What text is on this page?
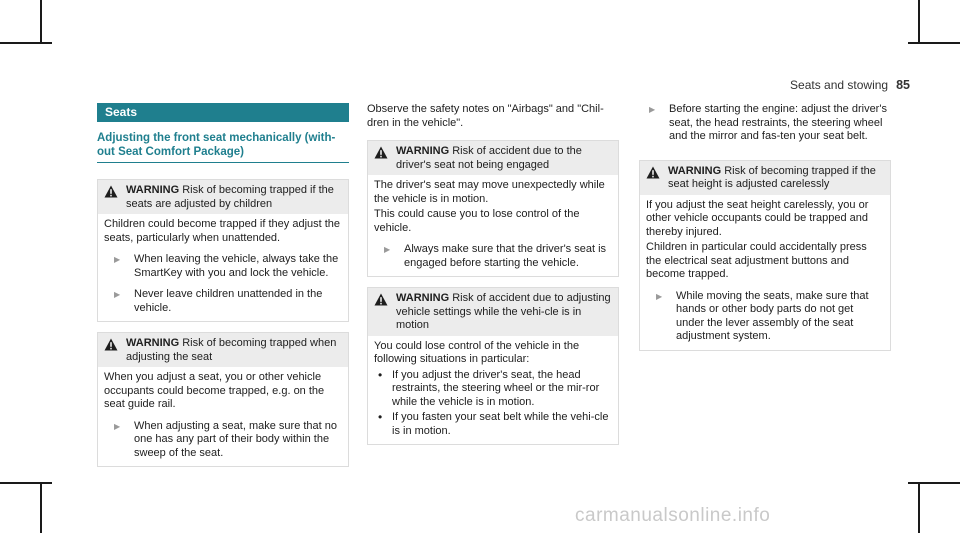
Seats and stowing 85
Seats
Adjusting the front seat mechanically (with-out Seat Comfort Package)
WARNING Risk of becoming trapped if the seats are adjusted by children

Children could become trapped if they adjust the seats, particularly when unattended.

▶	When leaving the vehicle, always take the SmartKey with you and lock the vehicle.
▶	Never leave children unattended in the vehicle.
WARNING Risk of becoming trapped when adjusting the seat

When you adjust a seat, you or other vehicle occupants could become trapped, e.g. on the seat guide rail.

▶	When adjusting a seat, make sure that no one has any part of their body within the sweep of the seat.

Observe the safety notes on "Airbags" and "Chil-dren in the vehicle".

WARNING Risk of accident due to the driver's seat not being engaged

The driver's seat may move unexpectedly while the vehicle is in motion.

This could cause you to lose control of the vehicle.

▶	Always make sure that the driver's seat is engaged before starting the vehicle.
WARNING Risk of accident due to adjusting vehicle settings while the vehi-cle is in motion

You could lose control of the vehicle in the following situations in particular:

• If you adjust the driver's seat, the head restraints, the steering wheel or the mir-ror while the vehicle is in motion.
• If you fasten your seat belt while the vehi-cle is in motion.
▶	Before starting the engine: adjust the driver's seat, the head restraints, the steering wheel and the mirror and fas-ten your seat belt.
WARNING Risk of becoming trapped if the seat height is adjusted carelessly

If you adjust the seat height carelessly, you or other vehicle occupants could be trapped and thereby injured.

Children in particular could accidentally press the electrical seat adjustment buttons and become trapped.

▶	While moving the seats, make sure that hands or other body parts do not get under the lever assembly of the seat adjustment system.
carmanualsonline.info
